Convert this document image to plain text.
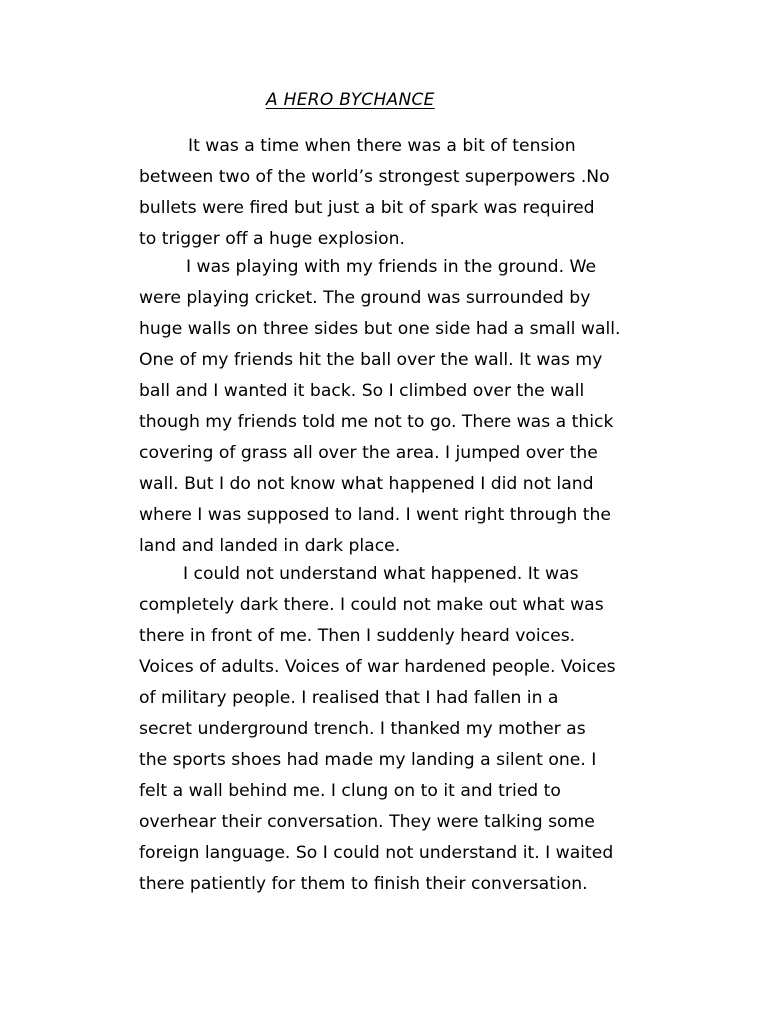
A HERO BYCHANCE

It was a time when there was a bit of tension

between two of the world’s strongest superpowers .No

bullets were fired but just a bit of spark was required

to trigger off a huge explosion.

I was playing with my friends in the ground. We

were playing cricket. The ground was surrounded by

huge walls on three sides but one side had a small wall.

One of my friends hit the ball over the wall. It was my

ball and I wanted it back. So I climbed over the wall

though my friends told me not to go. There was a thick

covering of grass all over the area. I jumped over the

wall. But I do not know what happened I did not land

where I was supposed to land. I went right through the

land and landed in dark place.

I could not understand what happened. It was

completely dark there. I could not make out what was

there in front of me. Then I suddenly heard voices.

Voices of adults. Voices of war hardened people. Voices

of military people. I realised that I had fallen in a

secret underground trench. I thanked my mother as

the sports shoes had made my landing a silent one. I

felt a wall behind me. I clung on to it and tried to

overhear their conversation. They were talking some

foreign language. So I could not understand it. I waited

there patiently for them to finish their conversation.
